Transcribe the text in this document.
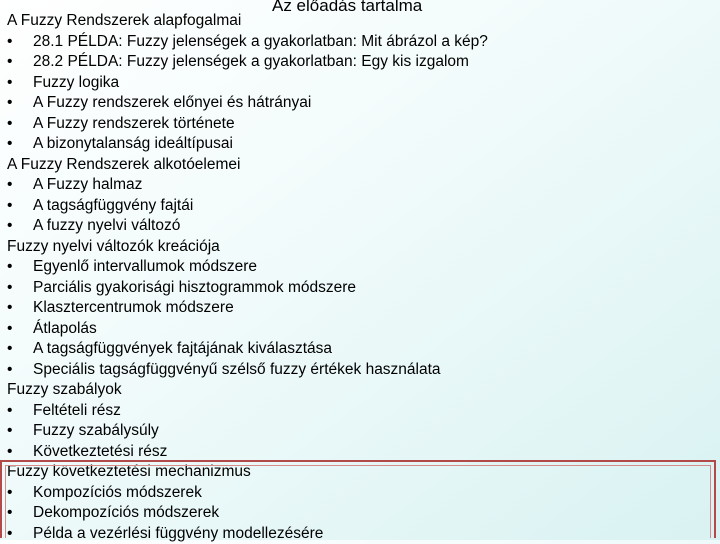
Az előadás tartalma
A Fuzzy Rendszerek alapfogalmai
• 28.1 PÉLDA: Fuzzy jelenségek a gyakorlatban: Mit ábrázol a kép?
• 28.2 PÉLDA: Fuzzy jelenségek a gyakorlatban: Egy kis izgalom
• Fuzzy logika
• A Fuzzy rendszerek előnyei és hátrányai
• A Fuzzy rendszerek története
• A bizonytalanság ideáltípusai
A Fuzzy Rendszerek alkotóelemei
• A Fuzzy halmaz
• A tagságfüggvény fajtái
• A fuzzy nyelvi változó
Fuzzy nyelvi változók kreációja
• Egyenlő intervallumok módszere
• Parciális gyakorisági hisztogrammok módszere
• Klasztercentrumok módszere
• Átlapolás
• A tagságfüggvények fajtájának kiválasztása
• Speciális tagságfüggvényű szélső fuzzy értékek használata
Fuzzy szabályok
• Feltételi rész
• Fuzzy szabálysúly
• Következtetési rész
Fuzzy következtetési mechanizmus
• Kompozíciós módszerek
• Dekompozíciós módszerek
• Példa a vezérlési függvény modellezésére
